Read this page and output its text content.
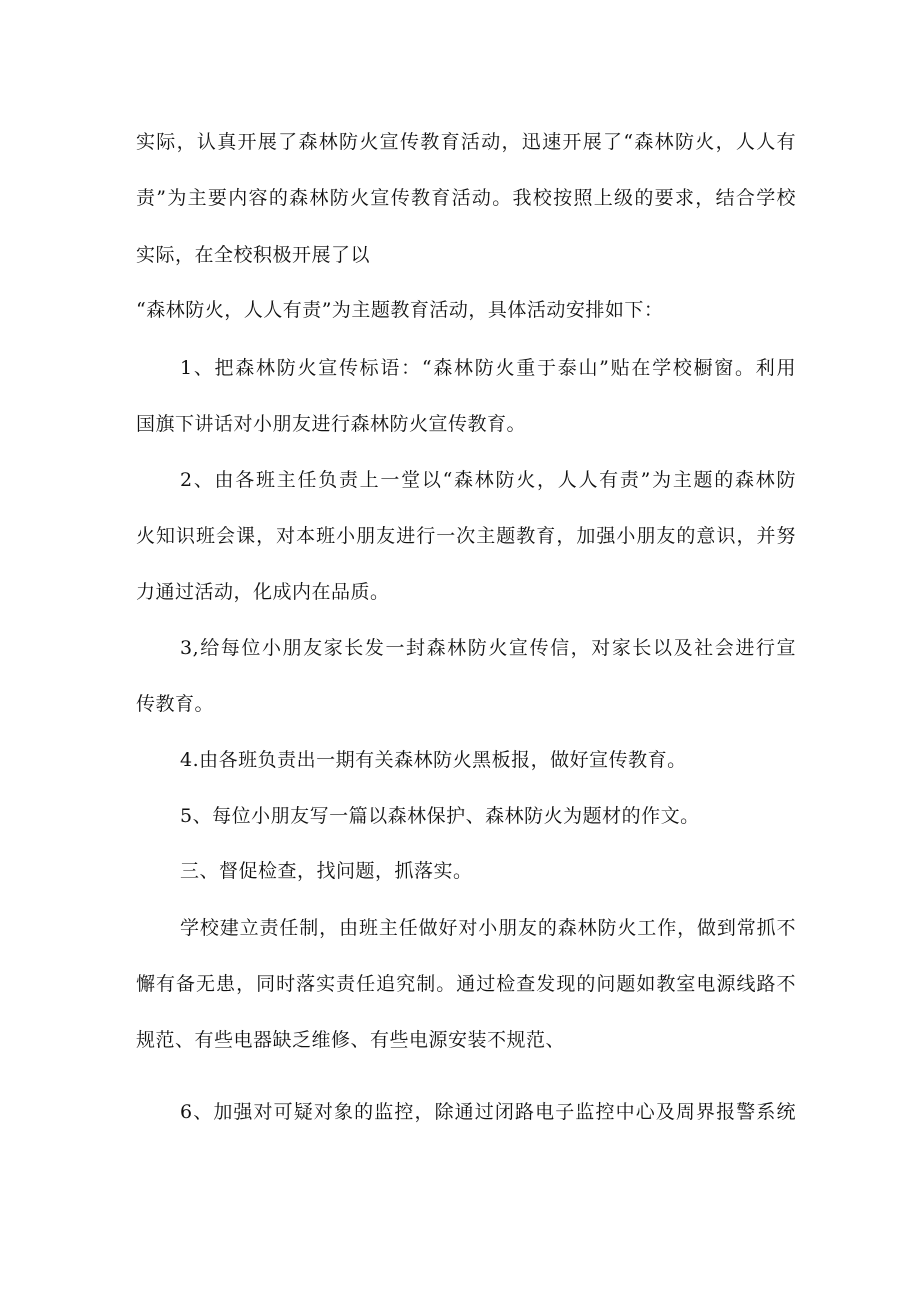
实际，认真开展了森林防火宣传教育活动，迅速开展了“森林防火，人人有
责”为主要内容的森林防火宣传教育活动。我校按照上级的要求，结合学校
实际，在全校积极开展了以
“森林防火，人人有责”为主题教育活动，具体活动安排如下：
1、把森林防火宣传标语：“森林防火重于泰山”贴在学校橱窗。利用
国旗下讲话对小朋友进行森林防火宣传教育。
2、由各班主任负责上一堂以“森林防火，人人有责”为主题的森林防
火知识班会课，对本班小朋友进行一次主题教育，加强小朋友的意识，并努
力通过活动，化成内在品质。
3,给每位小朋友家长发一封森林防火宣传信，对家长以及社会进行宣
传教育。
4.由各班负责出一期有关森林防火黑板报，做好宣传教育。
5、每位小朋友写一篇以森林保护、森林防火为题材的作文。
三、督促检查，找问题，抓落实。
学校建立责任制，由班主任做好对小朋友的森林防火工作，做到常抓不
懈有备无患，同时落实责任追究制。通过检查发现的问题如教室电源线路不
规范、有些电器缺乏维修、有些电源安装不规范、
6、加强对可疑对象的监控，除通过闭路电子监控中心及周界报警系统
